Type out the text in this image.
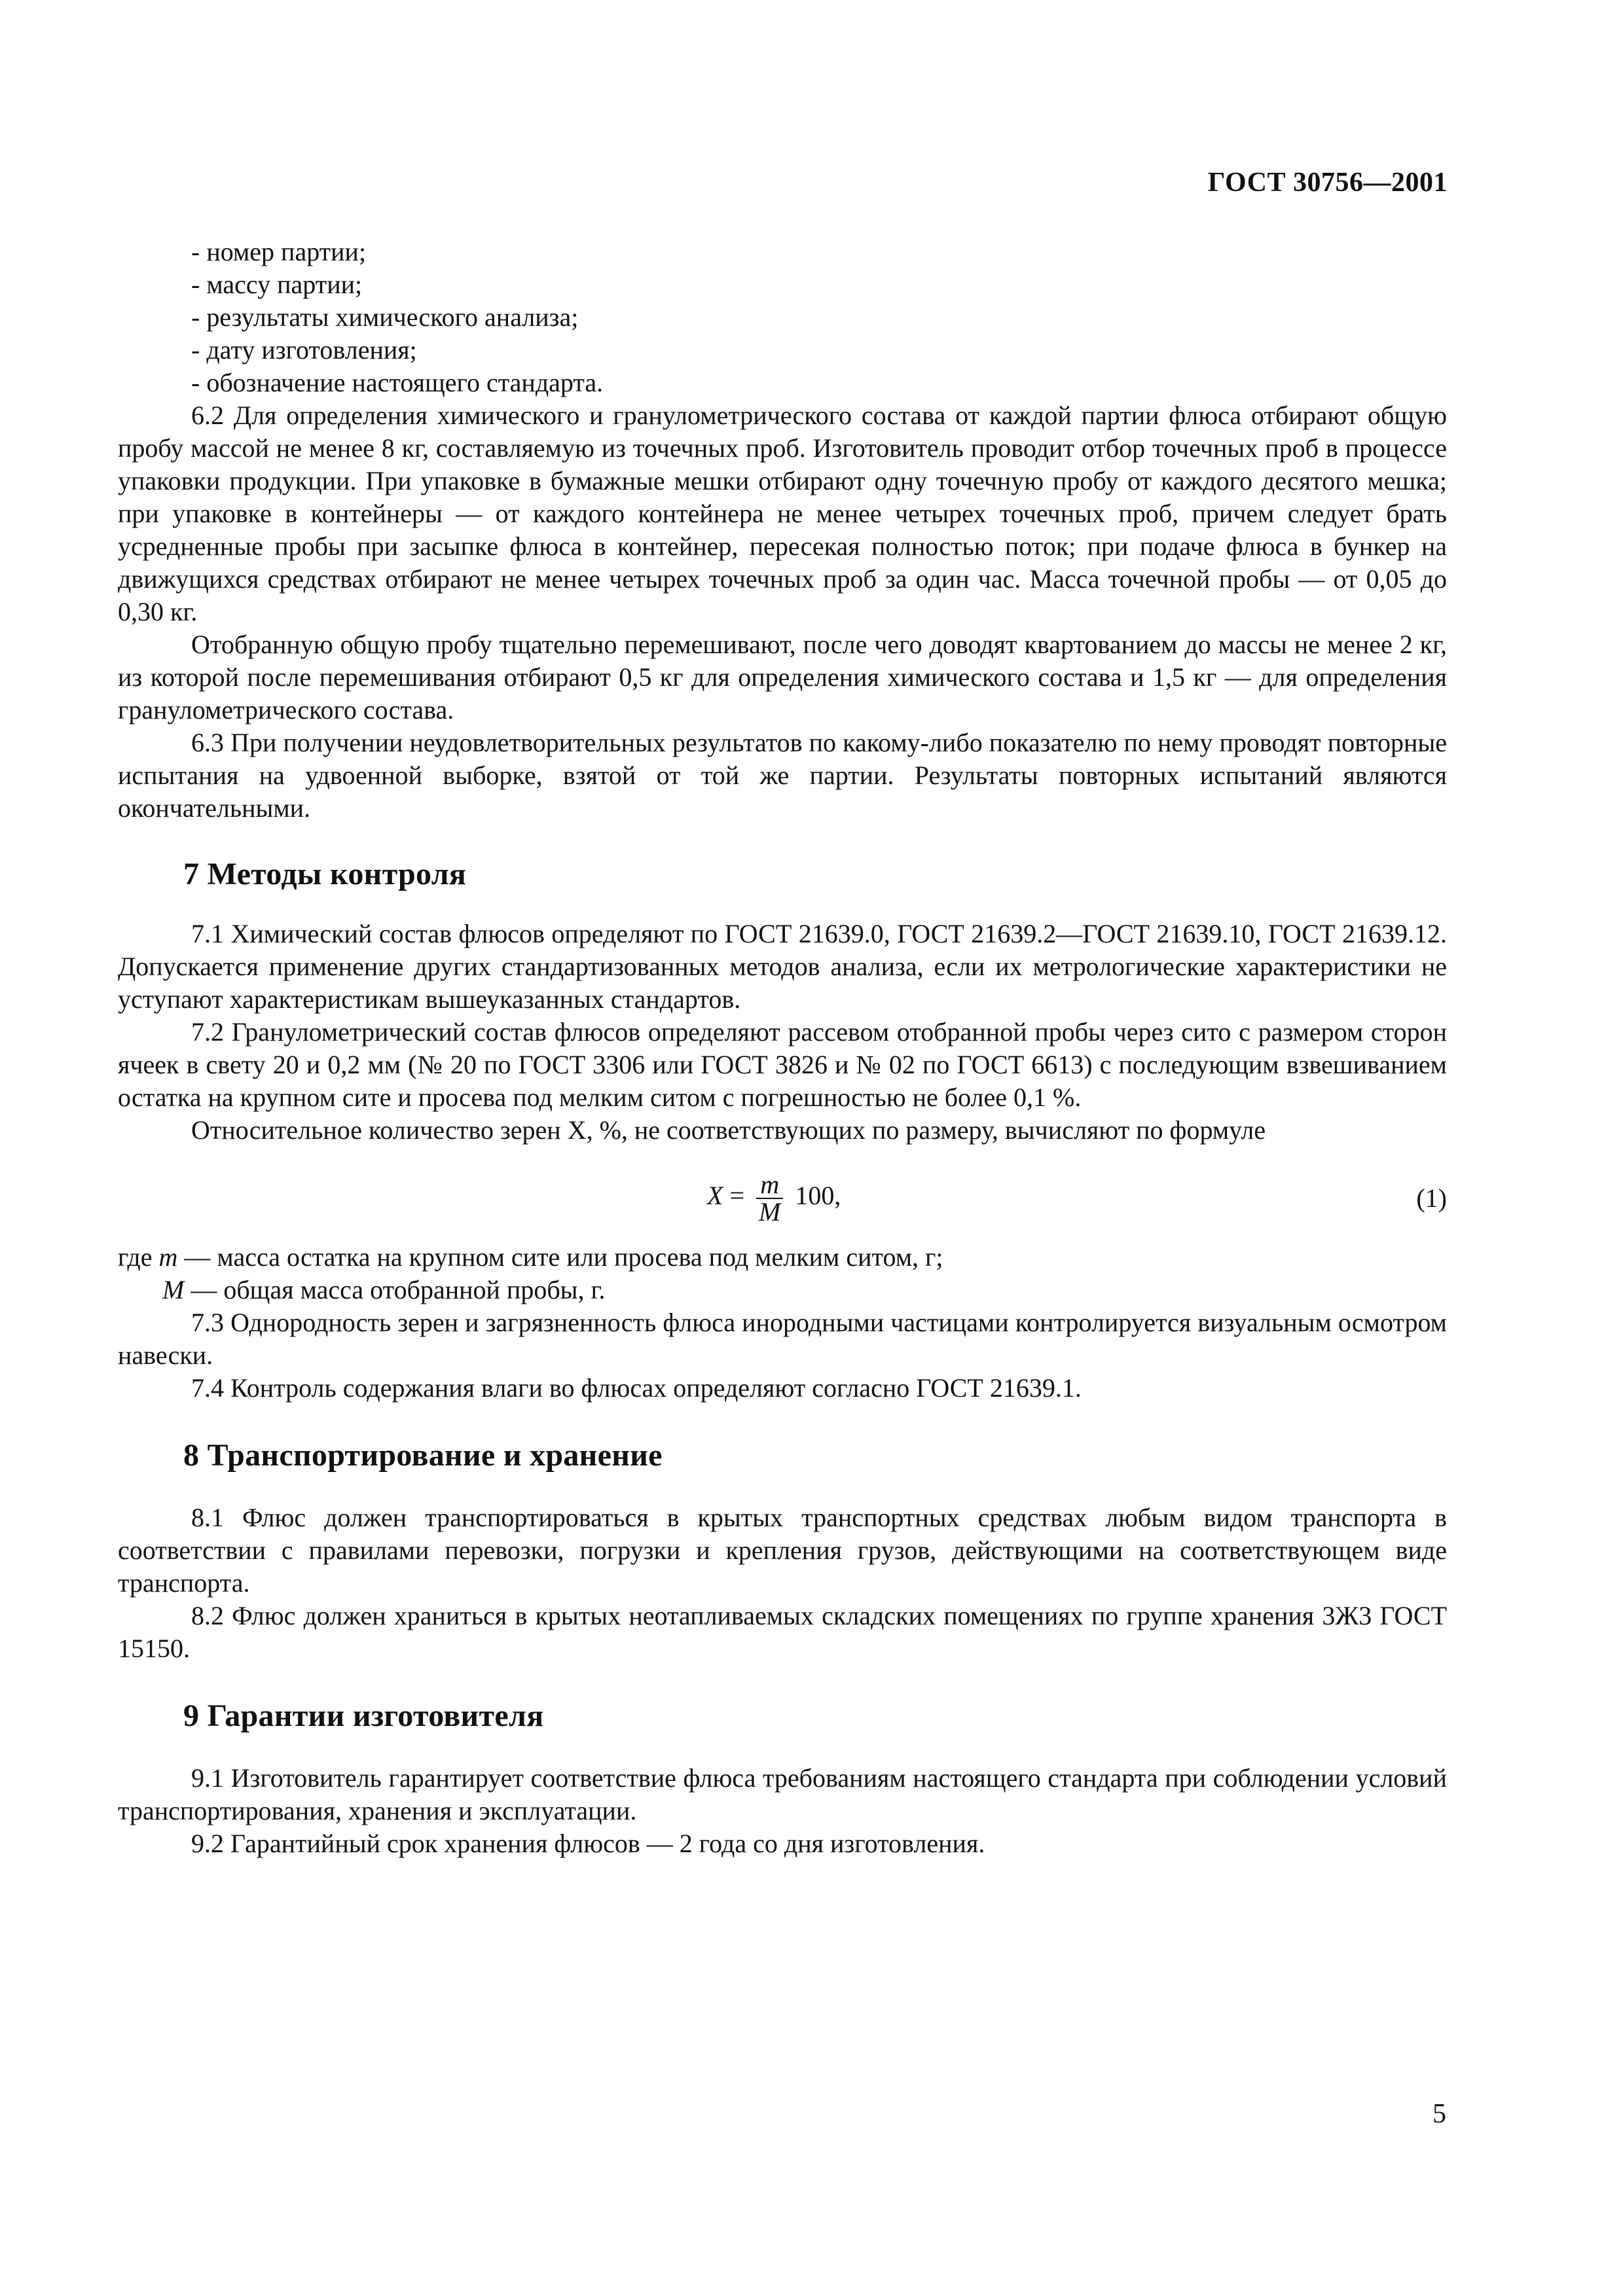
ГОСТ 30756—2001

- номер партии;

- массу партии;

- результаты химического анализа;

- дату изготовления;

- обозначение настоящего стандарта.

6.2 Для определения химического и гранулометрического состава от каждой партии флюса отбирают общую пробу массой не менее 8 кг, составляемую из точечных проб. Изготовитель проводит отбор точечных проб в процессе упаковки продукции. При упаковке в бумажные мешки отбирают одну точечную пробу от каждого десятого мешка; при упаковке в контейнеры — от каждого контейнера не менее четырех точечных проб, причем следует брать усредненные пробы при засыпке флюса в контейнер, пересекая полностью поток; при подаче флюса в бункер на движущихся средствах отбирают не менее четырех точечных проб за один час. Масса точечной пробы — от 0,05 до 0,30 кг.

Отобранную общую пробу тщательно перемешивают, после чего доводят квартованием до массы не менее 2 кг, из которой после перемешивания отбирают 0,5 кг для определения химического состава и 1,5 кг — для определения гранулометрического состава.

6.3 При получении неудовлетворительных результатов по какому-либо показателю по нему проводят повторные испытания на удвоенной выборке, взятой от той же партии. Результаты повторных испытаний являются окончательными.

7 Методы контроля

7.1 Химический состав флюсов определяют по ГОСТ 21639.0, ГОСТ 21639.2—ГОСТ 21639.10, ГОСТ 21639.12. Допускается применение других стандартизованных методов анализа, если их метрологические характеристики не уступают характеристикам вышеуказанных стандартов.

7.2 Гранулометрический состав флюсов определяют рассевом отобранной пробы через сито с размером сторон ячеек в свету 20 и 0,2 мм (№ 20 по ГОСТ 3306 или ГОСТ 3826 и № 02 по ГОСТ 6613) с последующим взвешиванием остатка на крупном сите и просева под мелким ситом с погрешностью не более 0,1 %.

Относительное количество зерен X, %, не соответствующих по размеру, вычисляют по формуле

$X = \frac{m}{M} 100$,	(1)

где m — масса остатка на крупном сите или просева под мелким ситом, г;

M — общая масса отобранной пробы, г.

7.3 Однородность зерен и загрязненность флюса инородными частицами контролируется визуальным осмотром навески.

7.4 Контроль содержания влаги во флюсах определяют согласно ГОСТ 21639.1.

8 Транспортирование и хранение

8.1 Флюс должен транспортироваться в крытых транспортных средствах любым видом транспорта в соответствии с правилами перевозки, погрузки и крепления грузов, действующими на соответствующем виде транспорта.

8.2 Флюс должен храниться в крытых неотапливаемых складских помещениях по группе хранения 3Ж3 ГОСТ 15150.

9 Гарантии изготовителя

9.1 Изготовитель гарантирует соответствие флюса требованиям настоящего стандарта при соблюдении условий транспортирования, хранения и эксплуатации.

9.2 Гарантийный срок хранения флюсов — 2 года со дня изготовления.

5
